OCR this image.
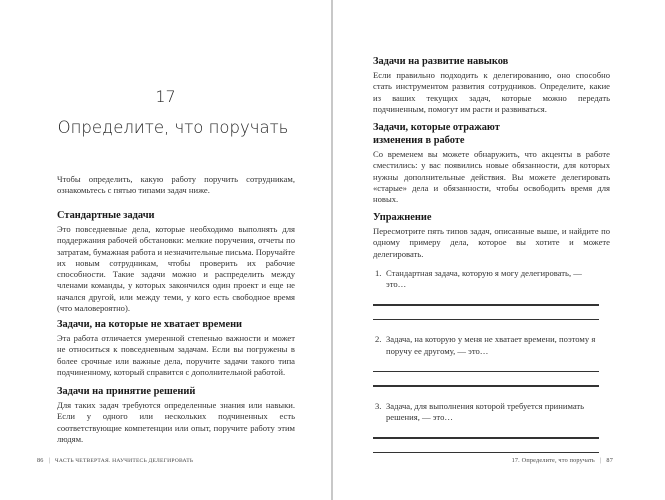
17
Определите, что поручать

Чтобы определить, какую работу поручить сотрудникам, ознакомьтесь с пятью типами задач ниже.

Стандартные задачи

Это повседневные дела, которые необходимо выполнять для поддержания рабочей обстановки: мелкие поручения, отчеты по затратам, бумажная работа и незначительные письма. Поручайте их новым сотрудникам, чтобы проверить их рабочие способности. Такие задачи можно и распределить между членами команды, у которых закончился один проект и еще не начался другой, или между теми, у кого есть свободное время (что маловероятно).

Задачи, на которые не хватает времени

Эта работа отличается умеренной степенью важности и может не относиться к повседневным задачам. Если вы погружены в более срочные или важные дела, поручите задачи такого типа подчиненному, который справится с дополнительной работой.

Задачи на принятие решений

Для таких задач требуются определенные знания или навыки. Если у одного или нескольких подчиненных есть соответствующие компетенции или опыт, поручите работу этим людям.

86 | ЧАСТЬ ЧЕТВЕРТАЯ. НАУЧИТЕСЬ ДЕЛЕГИРОВАТЬ
Задачи на развитие навыков

Если правильно подходить к делегированию, оно способно стать инструментом развития сотрудников. Определите, какие из ваших текущих задач, которые можно передать подчиненным, помогут им расти и развиваться.

Задачи, которые отражают изменения в работе

Со временем вы можете обнаружить, что акценты в работе сместились: у вас появились новые обязанности, для которых нужны дополнительные действия. Вы можете делегировать «старые» дела и обязанности, чтобы освободить время для новых.

Упражнение

Пересмотрите пять типов задач, описанные выше, и найдите по одному примеру дела, которое вы хотите и можете делегировать.

1. Стандартная задача, которую я могу делегировать, — это…
2. Задача, на которую у меня не хватает времени, поэтому я поручу ее другому, — это…
3. Задача, для выполнения которой требуется принимать решения, — это…
17. Определите, что поручать | 87
